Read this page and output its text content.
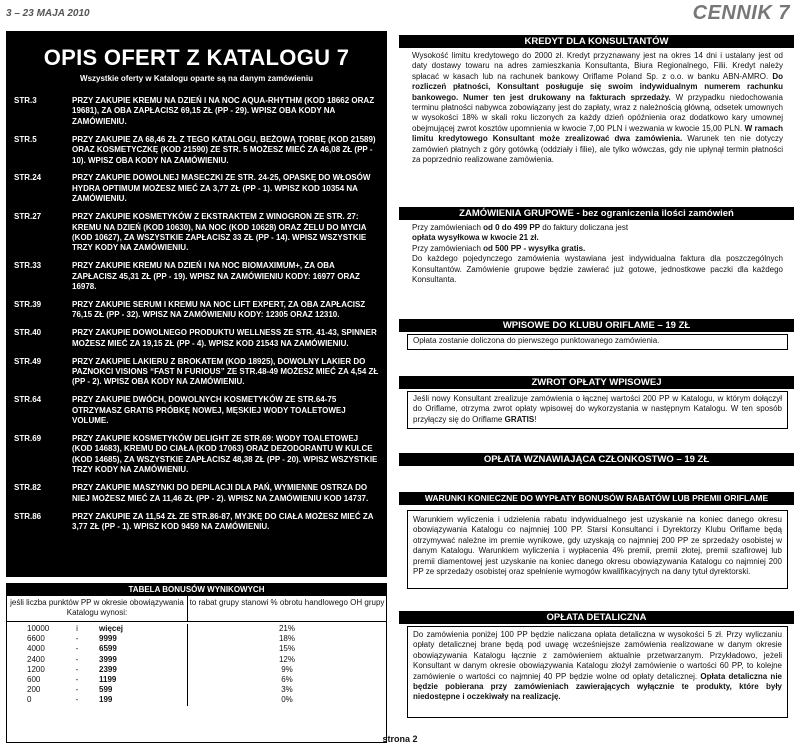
3 – 23 MAJA 2010	CENNIK 7
OPIS OFERT Z KATALOGU 7
Wszystkie oferty w Katalogu oparte są na danym zamówieniu
STR.3	PRZY ZAKUPIE KREMU NA DZIEŃ I NA NOC AQUA-RHYTHM (KOD 18662 ORAZ 19681), ZA OBA ZAPŁACISZ 69,15 ZŁ (PP - 29). WPISZ OBA KODY NA ZAMÓWIENIU.
STR.5	PRZY ZAKUPIE ZA 68,46 ZŁ Z TEGO KATALOGU, BEŻOWĄ TORBĘ (KOD 21589) ORAZ KOSMETYCZKĘ (KOD 21590) ZE STR. 5 MOŻESZ MIEĆ ZA 46,08 ZŁ (PP - 10). WPISZ OBA KODY NA ZAMÓWIENIU.
STR.24	PRZY ZAKUPIE DOWOLNEJ MASECZKI ZE STR. 24-25, OPASKĘ DO WŁOSÓW HYDRA OPTIMUM MOŻESZ MIEĆ ZA 3,77 ZŁ (PP - 1). WPISZ KOD 10354 NA ZAMÓWIENIU.
STR.27	PRZY ZAKUPIE KOSMETYKÓW Z EKSTRAKTEM Z WINOGRON ZE STR. 27: KREMU NA DZIEŃ (KOD 10630), NA NOC (KOD 10628) ORAZ ŻELU DO MYCIA (KOD 10627), ZA WSZYSTKIE ZAPŁACISZ 33 ZŁ (PP - 14). WPISZ WSZYSTKIE TRZY KODY NA ZAMÓWIENIU.
STR.33	PRZY ZAKUPIE KREMU NA DZIEŃ I NA NOC BIOMAXIMUM+, ZA OBA ZAPŁACISZ 45,31 ZŁ (PP - 19). WPISZ NA ZAMÓWIENIU KODY: 16977 ORAZ 16978.
STR.39	PRZY ZAKUPIE SERUM I KREMU NA NOC LIFT EXPERT, ZA OBA ZAPŁACISZ 76,15 ZŁ (PP - 32). WPISZ NA ZAMÓWIENIU KODY: 12305 ORAZ 12310.
STR.40	PRZY ZAKUPIE DOWOLNEGO PRODUKTU WELLNESS ZE STR. 41-43, SPINNER MOŻESZ MIEĆ ZA 19,15 ZŁ (PP - 4). WPISZ KOD 21543 NA ZAMÓWIENIU.
STR.49	PRZY ZAKUPIE LAKIERU Z BROKATEM (KOD 18925), DOWOLNY LAKIER DO PAZNOKCI VISIONS “FAST N FURIOUS” ZE STR.48-49 MOŻESZ MIEĆ ZA 4,54 ZŁ (PP - 2). WPISZ OBA KODY NA ZAMÓWIENIU.
STR.64	PRZY ZAKUPIE DWÓCH, DOWOLNYCH KOSMETYKÓW ZE STR.64-75 OTRZYMASZ GRATIS PRÓBKĘ NOWEJ, MĘSKIEJ WODY TOALETOWEJ VOLUME.
STR.69	PRZY ZAKUPIE KOSMETYKÓW DELIGHT ZE STR.69: WODY TOALETOWEJ (KOD 14683), KREMU DO CIAŁA (KOD 17063) ORAZ DEZODORANTU W KULCE (KOD 14685), ZA WSZYSTKIE ZAPŁACISZ 48,38 ZŁ (PP - 20). WPISZ WSZYSTKIE TRZY KODY NA ZAMÓWIENIU.
STR.82	PRZY ZAKUPIE MASZYNKI DO DEPILACJI DLA PAŃ, WYMIENNE OSTRZA DO NIEJ MOŻESZ MIEĆ ZA 11,46 ZŁ (PP - 2). WPISZ NA ZAMÓWIENIU KOD 14737.
STR.86	PRZY ZAKUPIE ZA 11,54 ZŁ ZE STR.86-87, MYJKĘ DO CIAŁA MOŻESZ MIEĆ ZA 3,77 ZŁ (PP - 1). WPISZ KOD 9459 NA ZAMÓWIENIU.
TABELA BONUSÓW WYNIKOWYCH
jeśli liczba punktów PP w okresie obowiązywania Katalogu wynosi:
to rabat grupy stanowi % obrotu handlowego OH grupy
10000	i	więcej	21%
6600	-	9999	18%
4000	-	6599	15%
2400	-	3999	12%
1200	-	2399	9%
600	-	1199	6%
200	-	599	3%
0	-	199	0%
KREDYT DLA KONSULTANTÓW

Wysokość limitu kredytowego do 2000 zł. Kredyt przyznawany jest na okres 14 dni i ustalany jest od daty dostawy towaru na adres zamieszkania Konsultanta, Biura Regionalnego, Filii. Kredyt należy spłacać w kasach lub na rachunek bankowy Oriflame Poland Sp. z o.o. w banku ABN-AMRO. Do rozliczeń płatności, Konsultant posługuje się swoim indywidualnym numerem rachunku bankowego. Numer ten jest drukowany na fakturach sprzedaży. W przypadku niedochowania terminu płatności nabywca zobowiązany jest do zapłaty, wraz z należnością główną, odsetek umownych w wysokości 18% w skali roku liczonych za każdy dzień opóźnienia oraz dodatkowo kary umownej obejmującej zwrot kosztów upomnienia w kwocie 7,00 PLN i wezwania w kwocie 15,00 PLN. W ramach limitu kredytowego Konsultant może zrealizować dwa zamówienia. Warunek ten nie dotyczy zamówień płatnych z góry gotówką (oddziały i filie), ale tylko wówczas, gdy nie upłynął termin płatności za poprzednio realizowane zamówienia.

ZAMÓWIENIA GRUPOWE - bez ograniczenia ilości zamówień

Przy zamówieniach od 0 do 499 PP do faktury doliczana jest

opłata wysyłkowa w kwocie 21 zł.

Przy zamówieniach od 500 PP - wysyłka gratis.

Do każdego pojedynczego zamówienia wystawiana jest indywidualna faktura dla poszczególnych Konsultantów. Zamówienie grupowe będzie zawierać już gotowe, jednostkowe paczki dla każdego Konsultanta.

WPISOWE DO KLUBU ORIFLAME – 19 ZŁ

Opłata zostanie doliczona do pierwszego punktowanego zamówienia.

ZWROT OPŁATY WPISOWEJ

Jeśli nowy Konsultant zrealizuje zamówienia o łącznej wartości 200 PP w Katalogu, w którym dołączył do Oriflame, otrzyma zwrot opłaty wpisowej do wykorzystania w następnym Katalogu. W ten sposób przyłączy się do Oriflame GRATIS!

OPŁATA WZNAWIAJĄCA CZŁONKOSTWO – 19 ZŁ
WARUNKI KONIECZNE DO WYPŁATY BONUSÓW RABATÓW LUB PREMII ORIFLAME

Warunkiem wyliczenia i udzielenia rabatu indywidualnego jest uzyskanie na koniec danego okresu obowiązywania Katalogu co najmniej 100 PP. Starsi Konsultanci i Dyrektorzy Klubu Oriflame będą otrzymywać należne im premie wynikowe, gdy uzyskają co najmniej 200 PP ze sprzedaży osobistej w danym Katalogu. Warunkiem wyliczenia i wypłacenia 4% premii, premii złotej, premii szafirowej lub premii diamentowej jest uzyskanie na koniec danego okresu obowiązywania Katalogu co najmniej 200 PP ze sprzedaży osobistej oraz spełnienie wymogów kwalifikacyjnych na dany tytuł dyrektorski.

OPŁATA DETALICZNA

Do zamówienia poniżej 100 PP będzie naliczana opłata detaliczna w wysokości 5 zł. Przy wyliczaniu opłaty detalicznej brane będą pod uwagę wcześniejsze zamówienia realizowane w danym okresie obowiązywania Katalogu łącznie z zamówieniem aktualnie przetwarzanym. Przykładowo, jeżeli Konsultant w danym okresie obowiązywania Katalogu złożył zamówienie o wartości 60 PP, to kolejne zamówienie o wartości co najmniej 40 PP będzie wolne od opłaty detalicznej. Opłata detaliczna nie będzie pobierana przy zamówieniach zawierających wyłącznie te produkty, które były niedostępne i oczekiwały na realizację.

strona 2
